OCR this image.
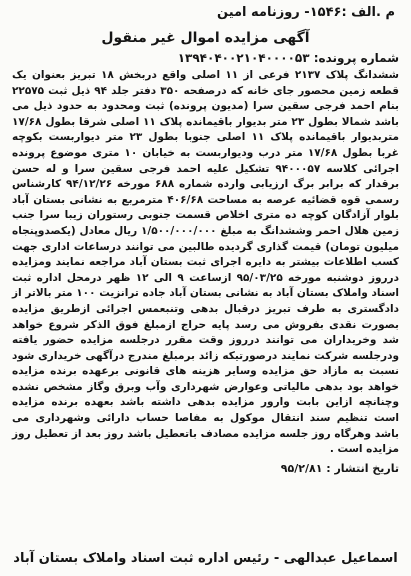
م .الف :۱۵۴۶- روزنامه امین
آگهی مزایده اموال غیر منقول
شماره پرونده: ۱۳۹۴۰۴۰۰۲۱۰۴۰۰۰۰۵۳

ششدانگ پلاک ۲۱۳۷ فرعی از ۱۱ اصلی واقع دربخش ۱۸ تبریز بعنوان یک قطعه زمین محصور جای خانه که درصفحه ۳۵۰ دفتر جلد ۹۴ ذیل ثبت ۲۲۵۷۵ بنام احمد فرجی سقین سرا (مدیون پرونده) ثبت ومحدود به حدود ذیل می باشد شمالا بطول ۲۳ متر بدیوار باقیمانده پلاک ۱۱ اصلی شرقا بطول ۱۷/۶۸ متربدیوار باقیمانده پلاک ۱۱ اصلی جنوبا بطول ۲۳ متر دیواربست بکوچه غربا بطول ۱۷/۶۸ متر درب ودیواربست به خیابان ۱۰ متری موضوع پرونده اجرائی کلاسه ۹۴۰۰۰۵۷ تشکیل علیه احمد فرجی سقین سرا و له حسن برقدار که برابر برگ ارزیابی وارده شماره ۶۸۸ مورخه ۹۴/۱۲/۲۶ کارشناس رسمی قوه قضائیه عرصه به مساحت ۴۰۶/۶۸ مترمربع به نشانی بستان آباد بلوار آزادگان کوچه ده متری اخلاص قسمت جنوبی رستوران زیبا سرا جنب زمین هلال احمر وششدانگ به مبلغ ۱/۵۰۰/۰۰۰/۰۰۰ ریال معادل (یکصدوپنجاه میلیون تومان) قیمت گذاری گردیده طالبین می توانند درساعات اداری جهت کسب اطلاعات بیشتر به دایره اجرای ثبت بستان آباد مراجعه نمایند ومزایده درروز دوشنبه مورخه ۹۵/۰۳/۲۵ ازساعت ۹ الی ۱۲ ظهر درمحل اداره ثبت اسناد واملاک بستان آباد به نشانی بستان آباد جاده ترانزیت ۱۰۰ متر بالاتر از دادگستری به طرف تبریز درقبال بدهی وتنبعمس اجرائی ازطریق مزایده بصورت نقدی بفروش می رسد پایه حراج ازمبلغ فوق الذکر شروع خواهد شد وخریداران می توانند درروز وقت مقرر درجلسه مزایده حضور یافته ودرجلسه شرکت نمایند درصورتیکه زائد برمبلغ مندرج درآگهی خریداری شود نسبت به مازاد حق مزایده وسایر هزینه های قانونی برعهده برنده مزایده خواهد بود بدهی مالیاتی وعوارض شهرداری وآب وبرق وگاز مشخص نشده وچنانچه ازاین بابت وارور مزایده بدهی داشته باشد بعهده برنده مزایده است تنظیم سند انتقال موکول به مفاصا حساب دارائی وشهرداری می باشد وهرگاه روز جلسه مزایده مصادف باتعطیل باشد روز بعد از تعطیل روز مزایده است .

تاریخ انتشار : ۹۵/۲/۸۱
اسماعیل عبدالهی - رئیس اداره ثبت اسناد واملاک بستان آباد
